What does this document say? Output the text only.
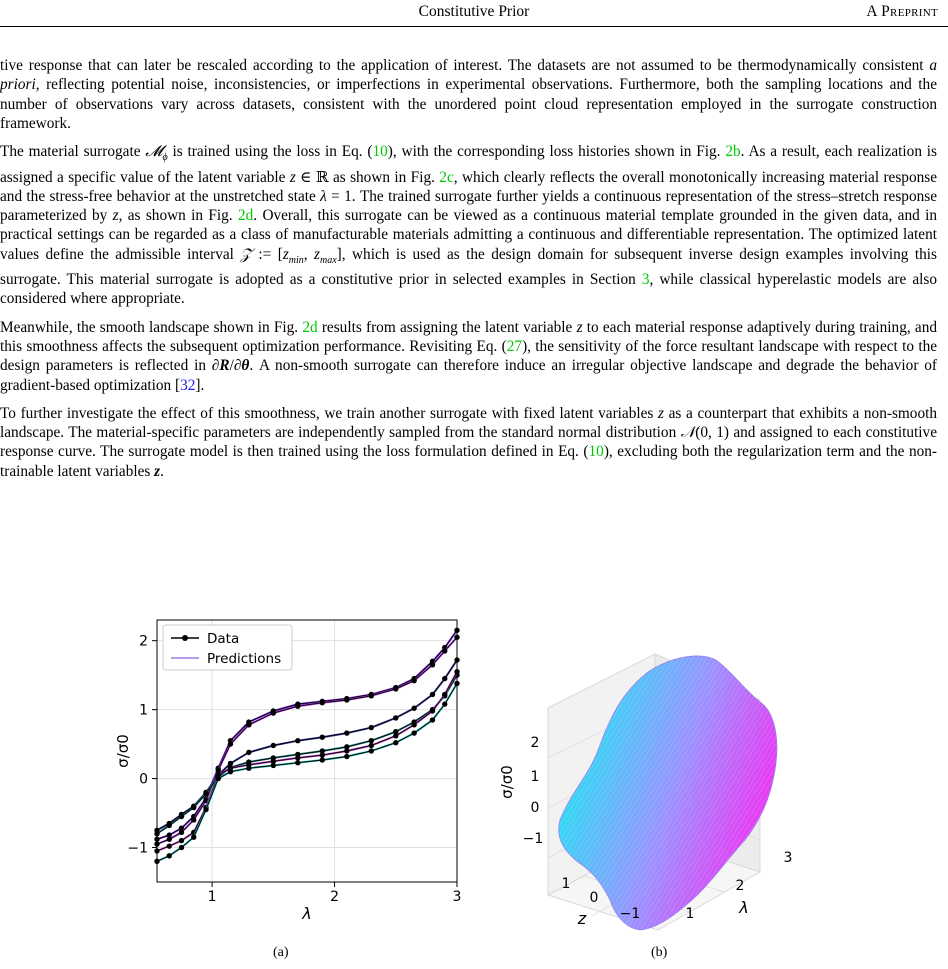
Constitutive Prior	A Preprint

tive response that can later be rescaled according to the application of interest. The datasets are not assumed to be thermodynamically consistent a priori, reflecting potential noise, inconsistencies, or imperfections in experimental observations. Furthermore, both the sampling locations and the number of observations vary across datasets, consistent with the unordered point cloud representation employed in the surrogate construction framework.

The material surrogate 𝓜$_\phi$ is trained using the loss in Eq. (10), with the corresponding loss histories shown in Fig. 2b. As a result, each realization is assigned a specific value of the latent variable z ∈ ℝ as shown in Fig. 2c, which clearly reflects the overall monotonically increasing material response and the stress-free behavior at the unstretched state λ = 1. The trained surrogate further yields a continuous representation of the stress–stretch response parameterized by z, as shown in Fig. 2d. Overall, this surrogate can be viewed as a continuous material template grounded in the given data, and in practical settings can be regarded as a class of manufacturable materials admitting a continuous and differentiable representation. The optimized latent values define the admissible interval 𝒵 := [$z_{min}$, $z_{max}$], which is used as the design domain for subsequent inverse design examples involving this surrogate. This material surrogate is adopted as a constitutive prior in selected examples in Section 3, while classical hyperelastic models are also considered where appropriate.

Meanwhile, the smooth landscape shown in Fig. 2d results from assigning the latent variable z to each material response adaptively during training, and this smoothness affects the subsequent optimization performance. Revisiting Eq. (27), the sensitivity of the force resultant landscape with respect to the design parameters is reflected in ∂R/∂θ. A non-smooth surrogate can therefore induce an irregular objective landscape and degrade the behavior of gradient-based optimization [32].

To further investigate the effect of this smoothness, we train another surrogate with fixed latent variables z as a counterpart that exhibits a non-smooth landscape. The material-specific parameters are independently sampled from the standard normal distribution 𝒩(0, 1) and assigned to each constitutive response curve. The surrogate model is then trained using the loss formulation defined in Eq. (10), excluding both the regularization term and the non-trainable latent variables z.

1	2	3
−1
0
1
2
λ
σ/σ0
Data
Predictions
1
2
3
λ
1
0
−1
z
2
1
0
−1
σ/σ0
(a)	(b)
